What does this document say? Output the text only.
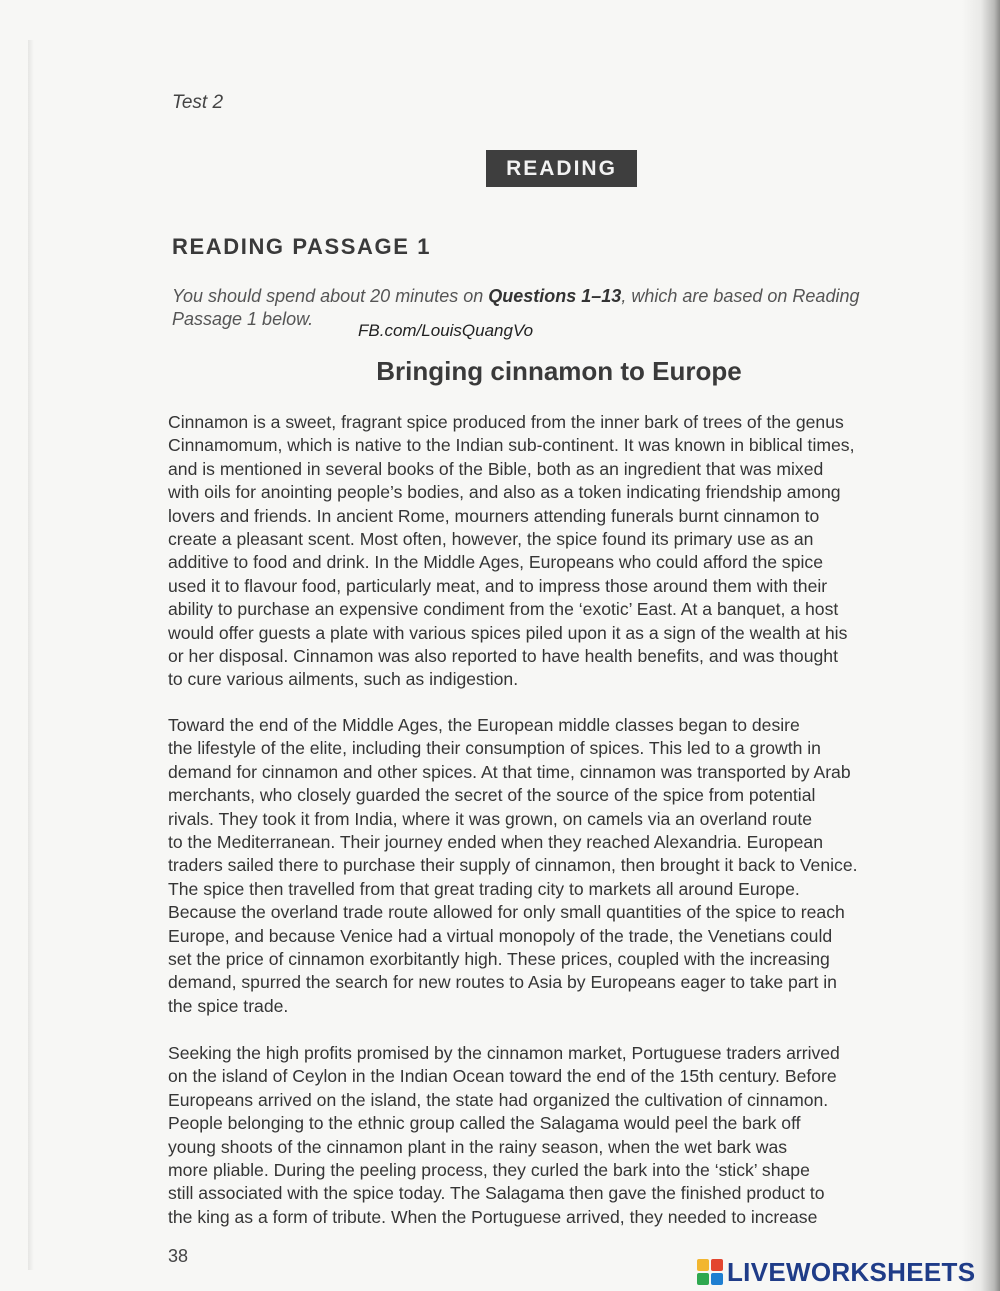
Test 2
READING
READING PASSAGE 1
You should spend about 20 minutes on Questions 1–13, which are based on Reading
Passage 1 below.
FB.com/LouisQuangVo
Bringing cinnamon to Europe
Cinnamon is a sweet, fragrant spice produced from the inner bark of trees of the genus
Cinnamomum, which is native to the Indian sub-continent. It was known in biblical times,
and is mentioned in several books of the Bible, both as an ingredient that was mixed
with oils for anointing people’s bodies, and also as a token indicating friendship among
lovers and friends. In ancient Rome, mourners attending funerals burnt cinnamon to
create a pleasant scent. Most often, however, the spice found its primary use as an
additive to food and drink. In the Middle Ages, Europeans who could afford the spice
used it to flavour food, particularly meat, and to impress those around them with their
ability to purchase an expensive condiment from the ‘exotic’ East. At a banquet, a host
would offer guests a plate with various spices piled upon it as a sign of the wealth at his
or her disposal. Cinnamon was also reported to have health benefits, and was thought
to cure various ailments, such as indigestion.
Toward the end of the Middle Ages, the European middle classes began to desire
the lifestyle of the elite, including their consumption of spices. This led to a growth in
demand for cinnamon and other spices. At that time, cinnamon was transported by Arab
merchants, who closely guarded the secret of the source of the spice from potential
rivals. They took it from India, where it was grown, on camels via an overland route
to the Mediterranean. Their journey ended when they reached Alexandria. European
traders sailed there to purchase their supply of cinnamon, then brought it back to Venice.
The spice then travelled from that great trading city to markets all around Europe.
Because the overland trade route allowed for only small quantities of the spice to reach
Europe, and because Venice had a virtual monopoly of the trade, the Venetians could
set the price of cinnamon exorbitantly high. These prices, coupled with the increasing
demand, spurred the search for new routes to Asia by Europeans eager to take part in
the spice trade.
Seeking the high profits promised by the cinnamon market, Portuguese traders arrived
on the island of Ceylon in the Indian Ocean toward the end of the 15th century. Before
Europeans arrived on the island, the state had organized the cultivation of cinnamon.
People belonging to the ethnic group called the Salagama would peel the bark off
young shoots of the cinnamon plant in the rainy season, when the wet bark was
more pliable. During the peeling process, they curled the bark into the ‘stick’ shape
still associated with the spice today. The Salagama then gave the finished product to
the king as a form of tribute. When the Portuguese arrived, they needed to increase
38
LIVEWORKSHEETS
